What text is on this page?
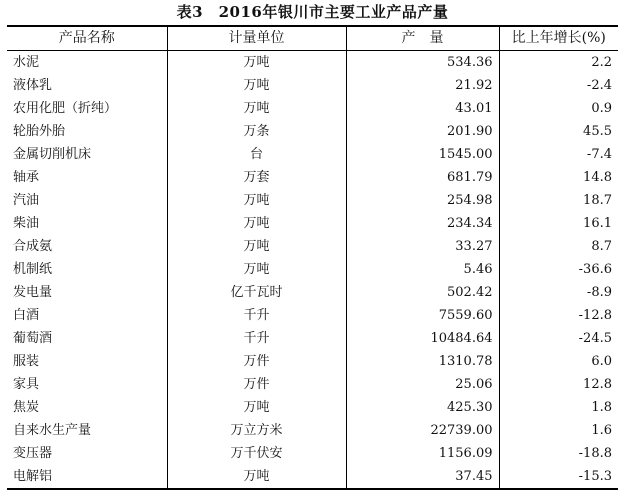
表3　2016年银川市主要工业产品产量
产品名称	计量单位	产　量	比上年增长(%)
水泥	万吨	534.36	2.2
液体乳	万吨	21.92	-2.4
农用化肥（折纯）	万吨	43.01	0.9
轮胎外胎	万条	201.90	45.5
金属切削机床	台	1545.00	-7.4
轴承	万套	681.79	14.8
汽油	万吨	254.98	18.7
柴油	万吨	234.34	16.1
合成氨	万吨	33.27	8.7
机制纸	万吨	5.46	-36.6
发电量	亿千瓦时	502.42	-8.9
白酒	千升	7559.60	-12.8
葡萄酒	千升	10484.64	-24.5
服装	万件	1310.78	6.0
家具	万件	25.06	12.8
焦炭	万吨	425.30	1.8
自来水生产量	万立方米	22739.00	1.6
变压器	万千伏安	1156.09	-18.8
电解铝	万吨	37.45	-15.3
